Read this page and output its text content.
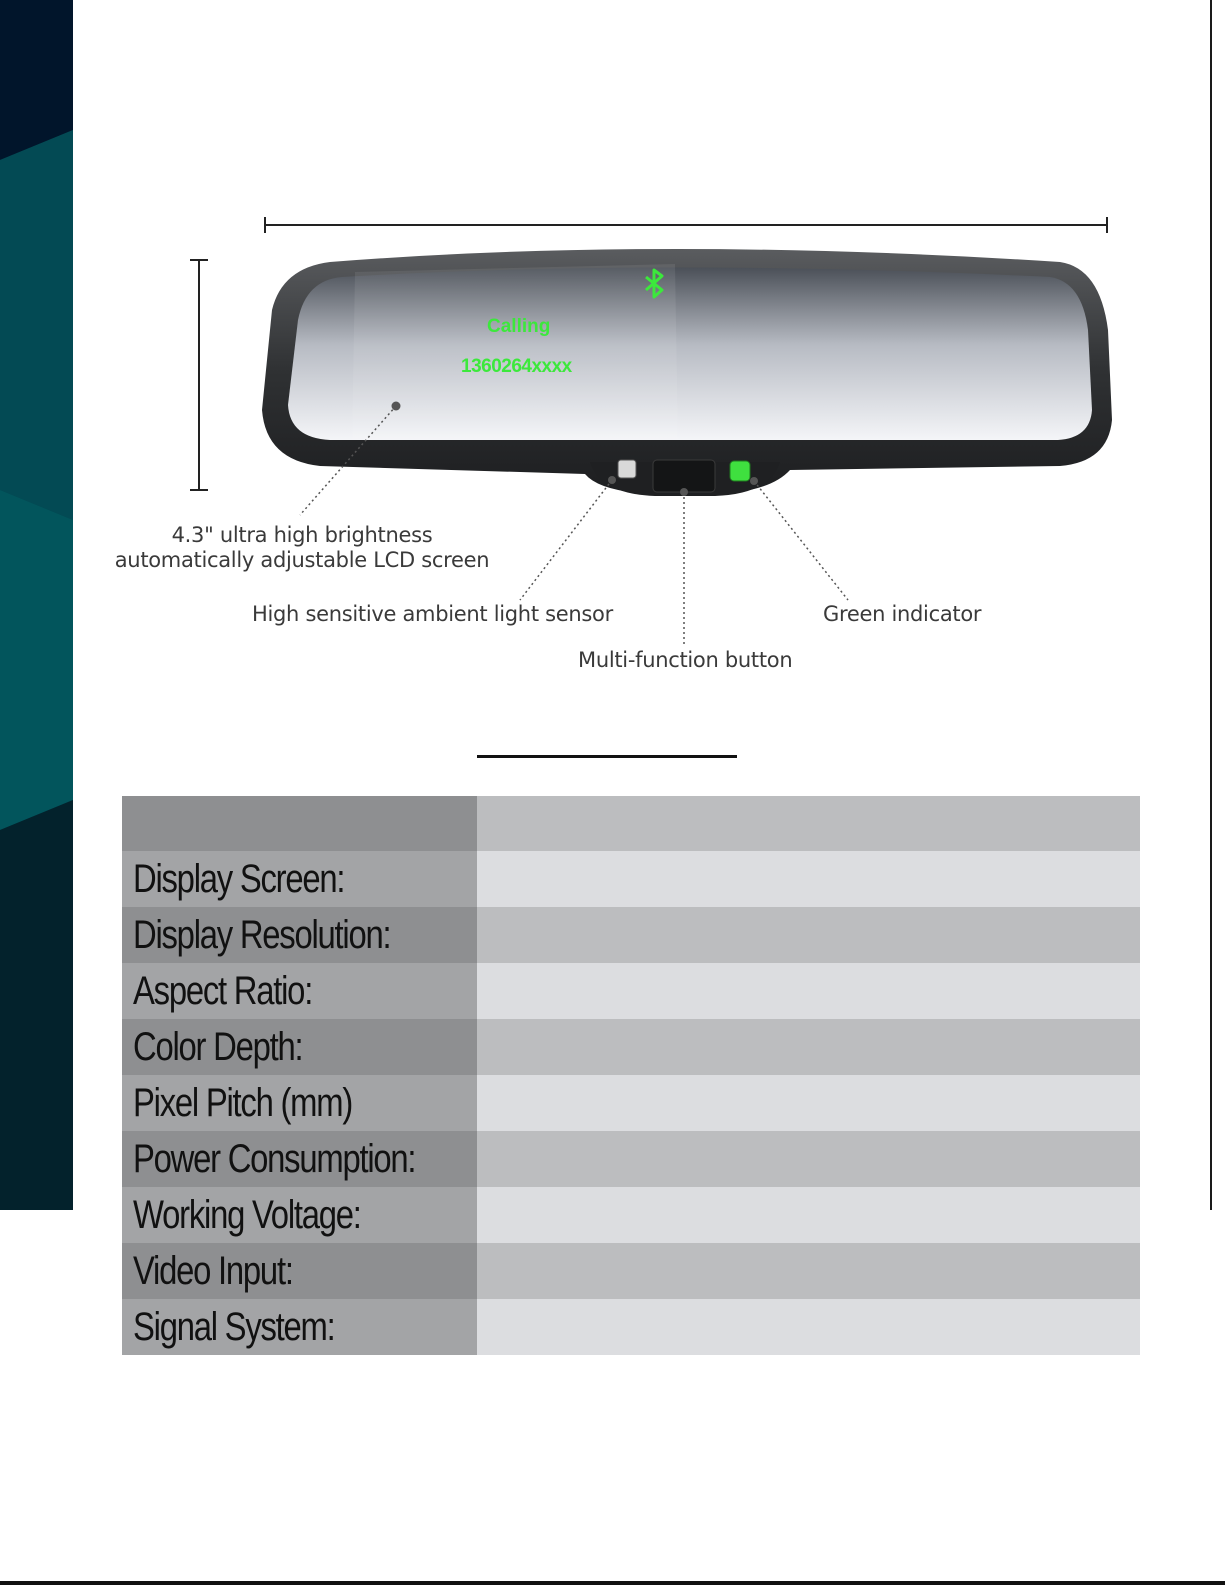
Calling
1360264xxxx
4.3" ultra high brightness
automatically adjustable LCD screen
High sensitive ambient light sensor
Multi-function button
Green indicator

Display Screen:	
Display Resolution:	
Aspect Ratio:	
Color Depth:	
Pixel Pitch (mm)	
Power Consumption:	
Working Voltage:	
Video Input:	
Signal System:	
